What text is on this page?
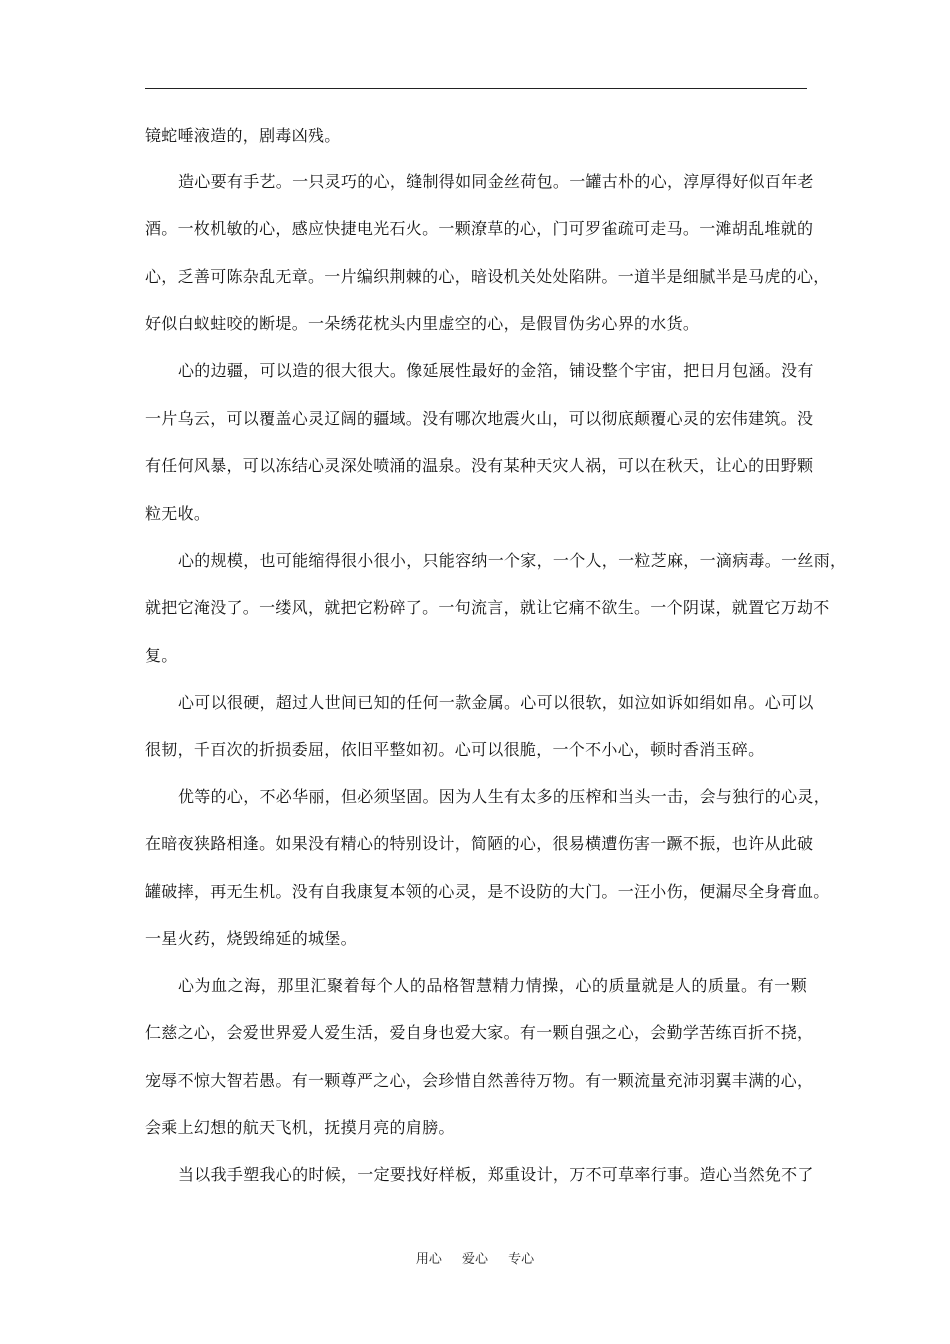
镜蛇唾液造的，剧毒凶残。
造心要有手艺。一只灵巧的心，缝制得如同金丝荷包。一罐古朴的心，淳厚得好似百年老
酒。一枚机敏的心，感应快捷电光石火。一颗潦草的心，门可罗雀疏可走马。一滩胡乱堆就的
心，乏善可陈杂乱无章。一片编织荆棘的心，暗设机关处处陷阱。一道半是细腻半是马虎的心，
好似白蚁蛀咬的断堤。一朵绣花枕头内里虚空的心，是假冒伪劣心界的水货。
心的边疆，可以造的很大很大。像延展性最好的金箔，铺设整个宇宙，把日月包涵。没有
一片乌云，可以覆盖心灵辽阔的疆域。没有哪次地震火山，可以彻底颠覆心灵的宏伟建筑。没
有任何风暴，可以冻结心灵深处喷涌的温泉。没有某种天灾人祸，可以在秋天，让心的田野颗
粒无收。
心的规模，也可能缩得很小很小，只能容纳一个家，一个人，一粒芝麻，一滴病毒。一丝雨，
就把它淹没了。一缕风，就把它粉碎了。一句流言，就让它痛不欲生。一个阴谋，就置它万劫不
复。
心可以很硬，超过人世间已知的任何一款金属。心可以很软，如泣如诉如绢如帛。心可以
很韧，千百次的折损委屈，依旧平整如初。心可以很脆，一个不小心，顿时香消玉碎。
优等的心，不必华丽，但必须坚固。因为人生有太多的压榨和当头一击，会与独行的心灵，
在暗夜狭路相逢。如果没有精心的特别设计，简陋的心，很易横遭伤害一蹶不振，也许从此破
罐破摔，再无生机。没有自我康复本领的心灵，是不设防的大门。一汪小伤，便漏尽全身膏血。
一星火药，烧毁绵延的城堡。
心为血之海，那里汇聚着每个人的品格智慧精力情操，心的质量就是人的质量。有一颗
仁慈之心，会爱世界爱人爱生活，爱自身也爱大家。有一颗自强之心，会勤学苦练百折不挠，
宠辱不惊大智若愚。有一颗尊严之心，会珍惜自然善待万物。有一颗流量充沛羽翼丰满的心，
会乘上幻想的航天飞机，抚摸月亮的肩膀。
当以我手塑我心的时候，一定要找好样板，郑重设计，万不可草率行事。造心当然免不了
用心 爱心 专心
